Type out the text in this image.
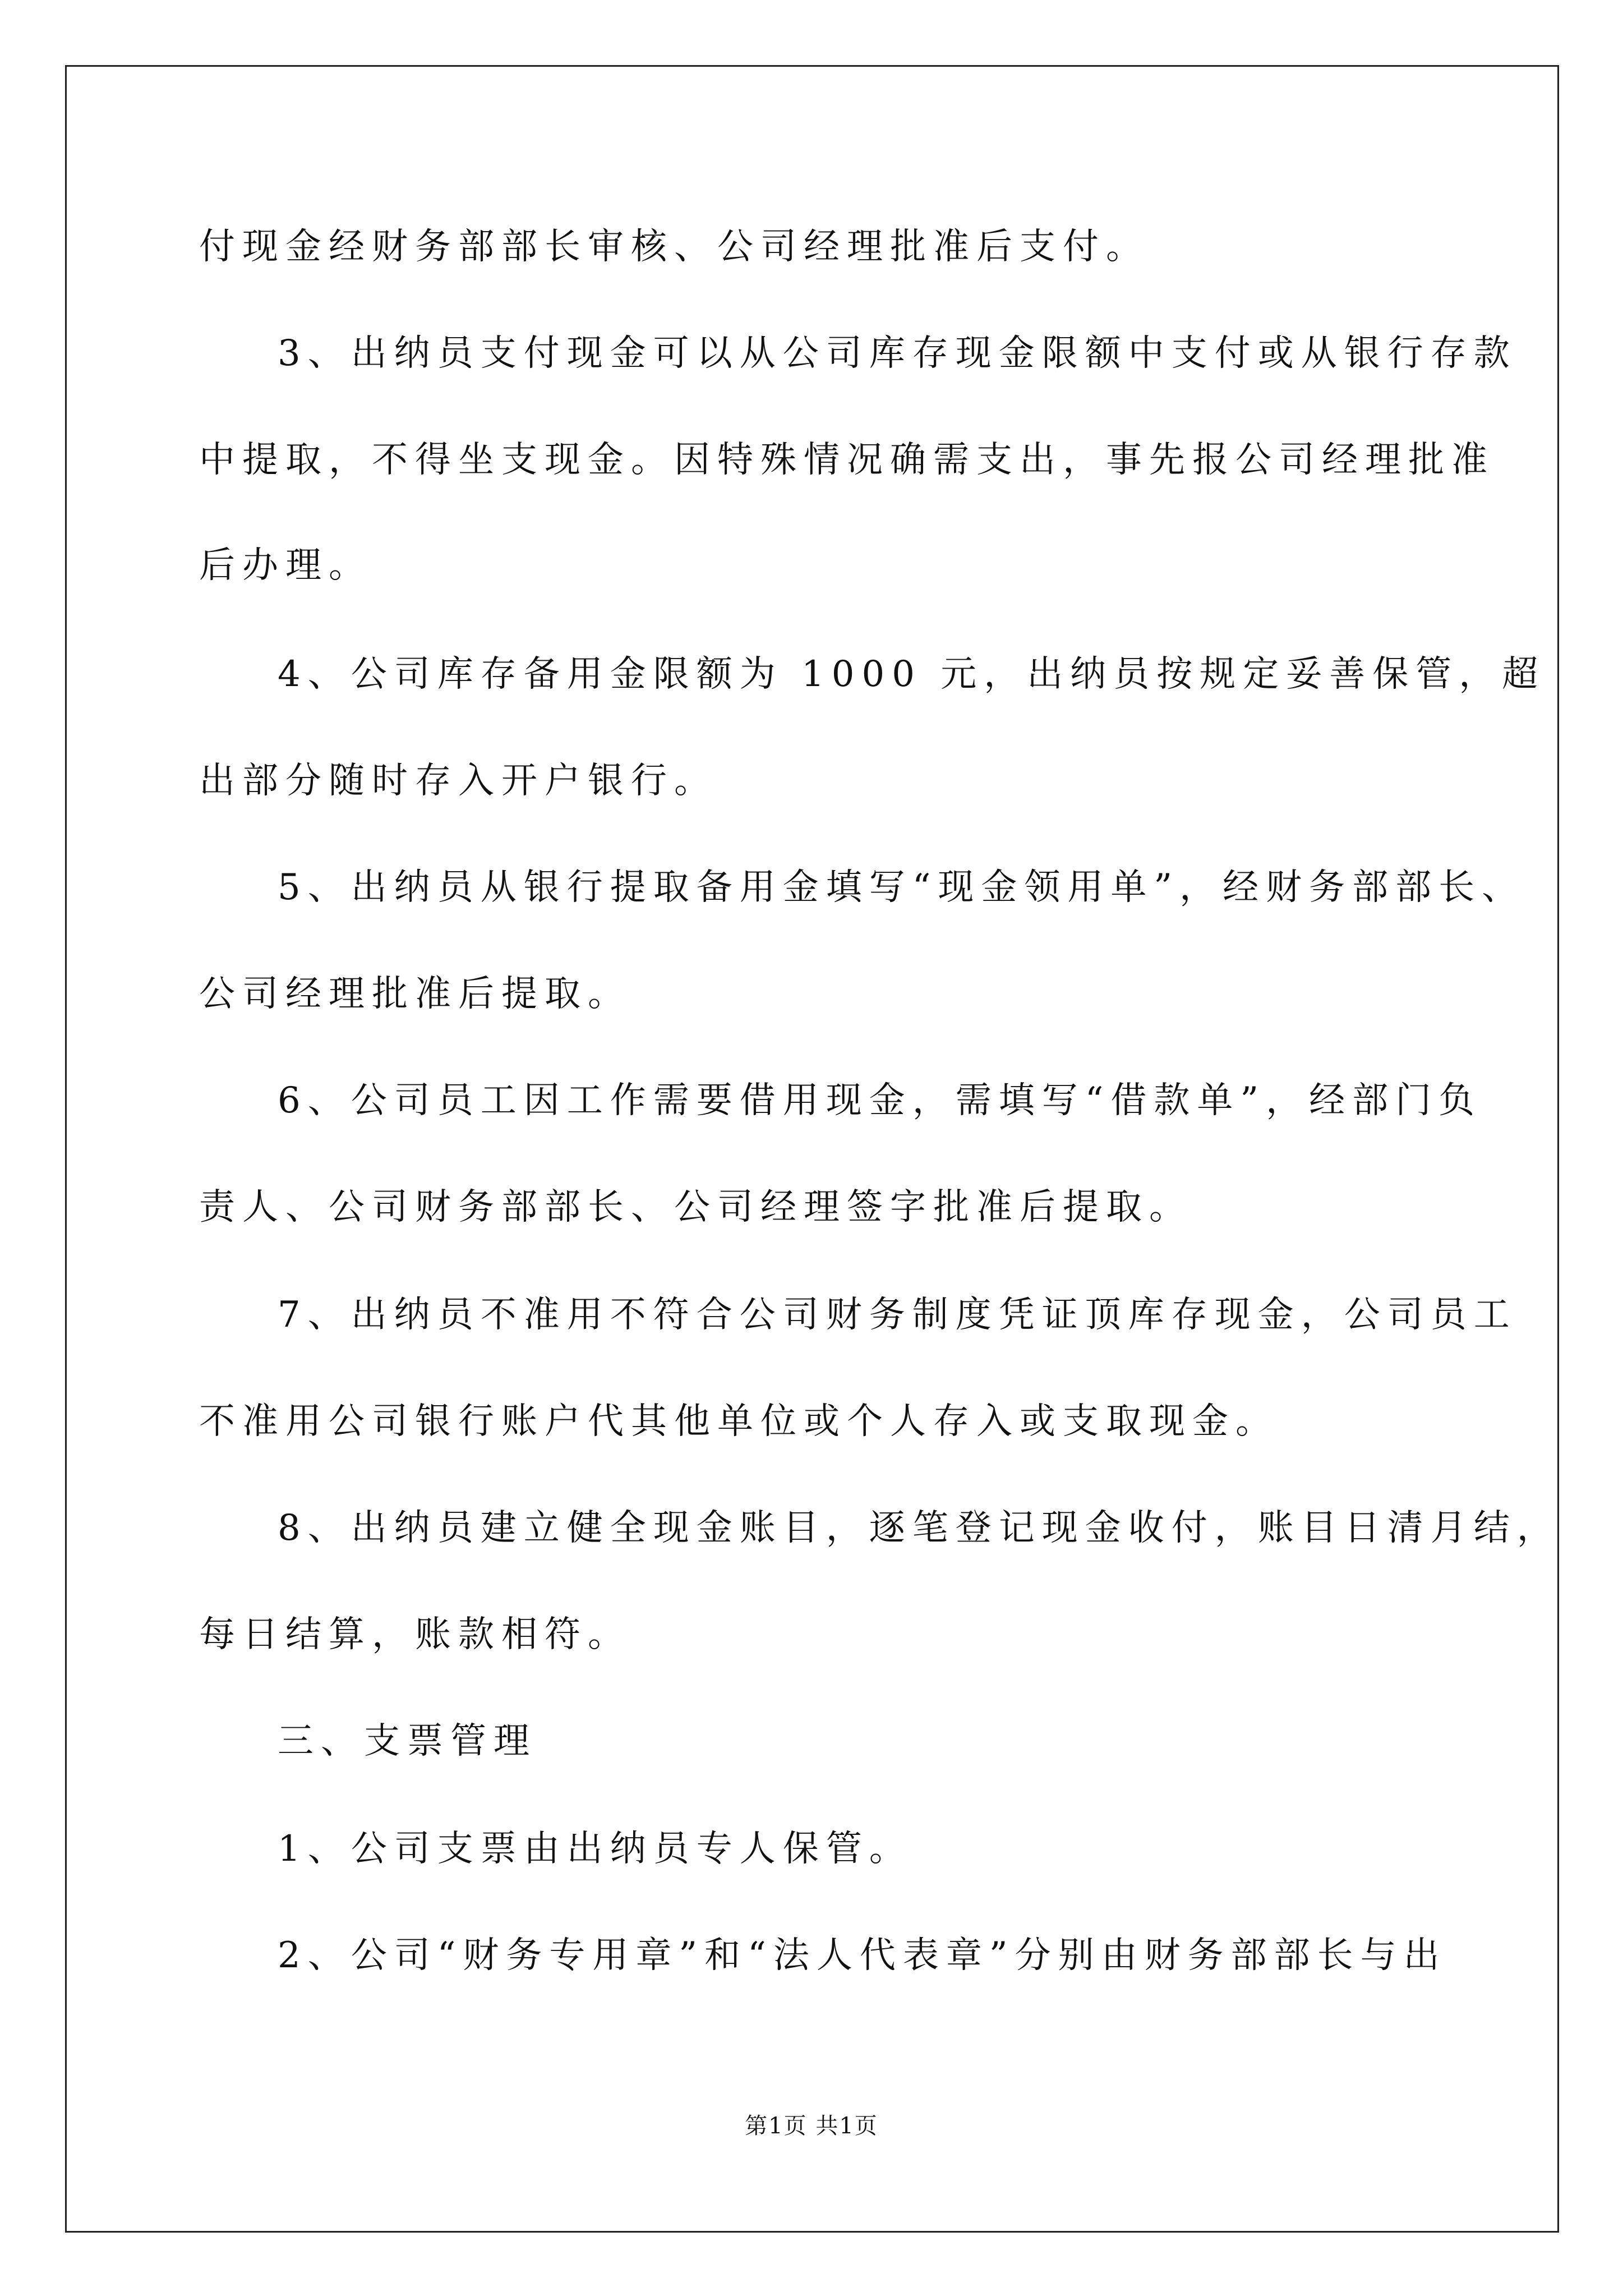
付现金经财务部部长审核、公司经理批准后支付。
3、出纳员支付现金可以从公司库存现金限额中支付或从银行存款
中提取，不得坐支现金。因特殊情况确需支出，事先报公司经理批准
后办理。
4、公司库存备用金限额为 1000 元，出纳员按规定妥善保管，超
出部分随时存入开户银行。
5、出纳员从银行提取备用金填写“现金领用单”，经财务部部长、
公司经理批准后提取。
6、公司员工因工作需要借用现金，需填写“借款单”，经部门负
责人、公司财务部部长、公司经理签字批准后提取。
7、出纳员不准用不符合公司财务制度凭证顶库存现金，公司员工
不准用公司银行账户代其他单位或个人存入或支取现金。
8、出纳员建立健全现金账目，逐笔登记现金收付，账目日清月结，
每日结算，账款相符。
三、支票管理
1、公司支票由出纳员专人保管。
2、公司“财务专用章”和“法人代表章”分别由财务部部长与出
第1页 共1页
